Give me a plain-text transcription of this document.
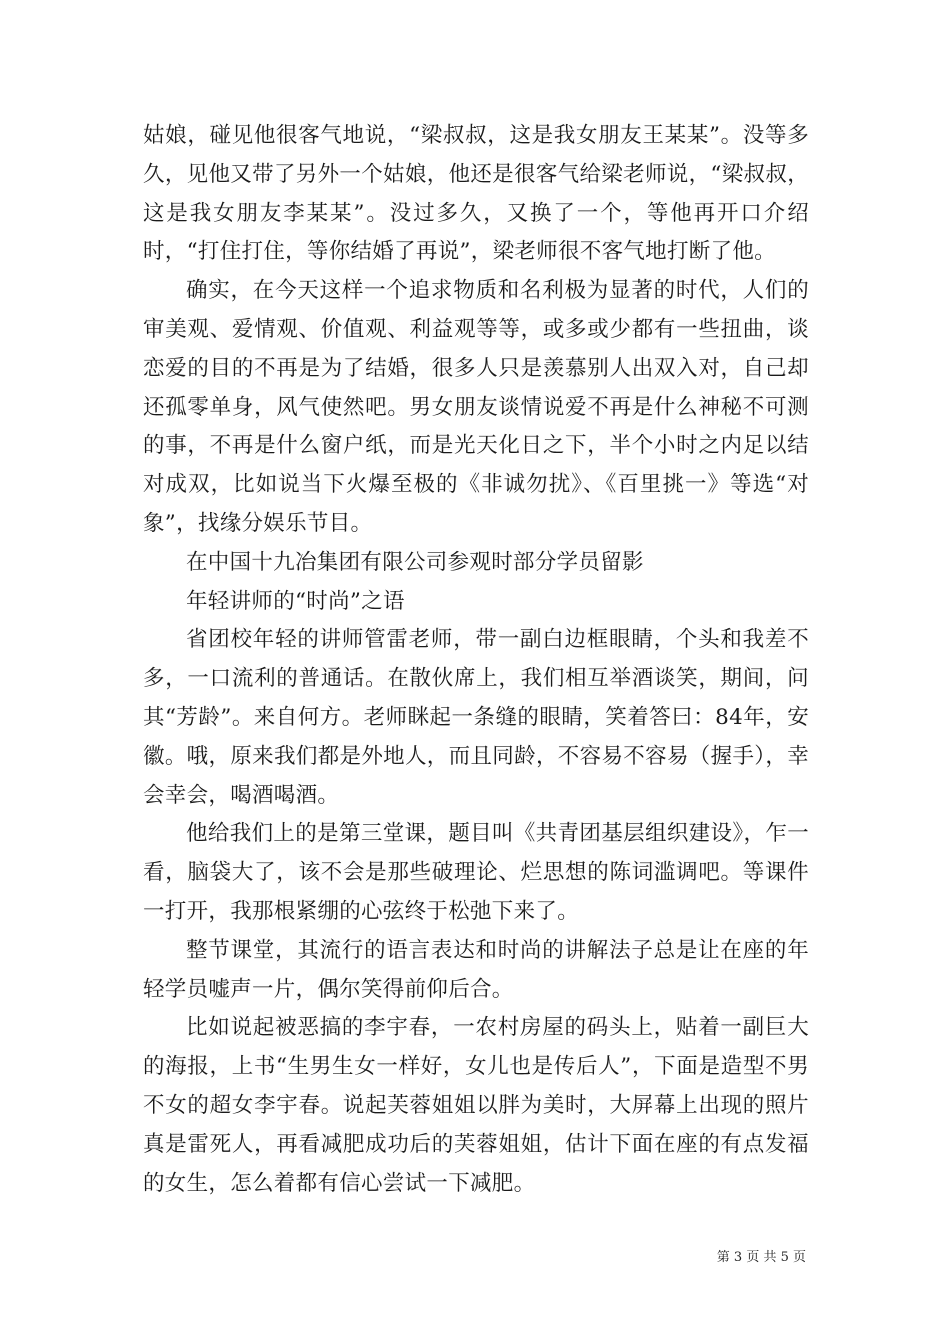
姑娘，碰见他很客气地说，“梁叔叔，这是我女朋友王某某”。没等多久，见他又带了另外一个姑娘，他还是很客气给梁老师说，“梁叔叔，这是我女朋友李某某”。没过多久，又换了一个，等他再开口介绍时，“打住打住，等你结婚了再说”，梁老师很不客气地打断了他。

确实，在今天这样一个追求物质和名利极为显著的时代，人们的审美观、爱情观、价值观、利益观等等，或多或少都有一些扭曲，谈恋爱的目的不再是为了结婚，很多人只是羡慕别人出双入对，自己却还孤零单身，风气使然吧。男女朋友谈情说爱不再是什么神秘不可测的事，不再是什么窗户纸，而是光天化日之下，半个小时之内足以结对成双，比如说当下火爆至极的《非诚勿扰》、《百里挑一》等选“对象”，找缘分娱乐节目。

在中国十九冶集团有限公司参观时部分学员留影

年轻讲师的“时尚”之语

省团校年轻的讲师管雷老师，带一副白边框眼睛，个头和我差不多，一口流利的普通话。在散伙席上，我们相互举酒谈笑，期间，问其“芳龄”。来自何方。老师眯起一条缝的眼睛，笑着答曰：84年，安徽。哦，原来我们都是外地人，而且同龄，不容易不容易（握手），幸会幸会，喝酒喝酒。

他给我们上的是第三堂课，题目叫《共青团基层组织建设》，乍一看，脑袋大了，该不会是那些破理论、烂思想的陈词滥调吧。等课件一打开，我那根紧绷的心弦终于松弛下来了。

整节课堂，其流行的语言表达和时尚的讲解法子总是让在座的年轻学员嘘声一片，偶尔笑得前仰后合。

比如说起被恶搞的李宇春，一农村房屋的码头上，贴着一副巨大的海报，上书“生男生女一样好，女儿也是传后人”，下面是造型不男不女的超女李宇春。说起芙蓉姐姐以胖为美时，大屏幕上出现的照片真是雷死人，再看减肥成功后的芙蓉姐姐，估计下面在座的有点发福的女生，怎么着都有信心尝试一下减肥。

第 3 页 共 5 页
